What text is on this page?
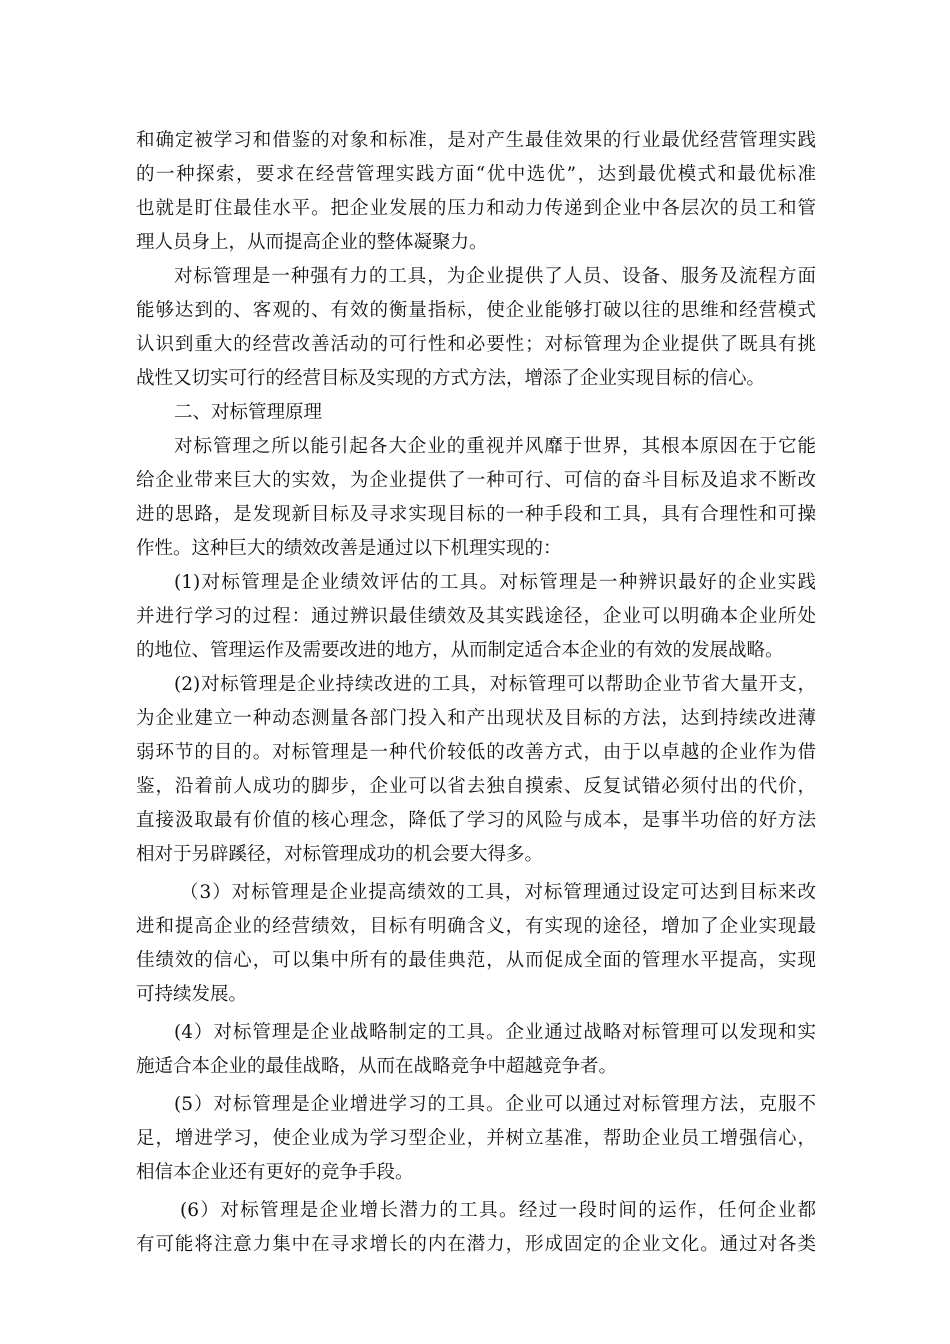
和确定被学习和借鉴的对象和标准，是对产生最佳效果的行业最优经营管理实践
的一种探索，要求在经营管理实践方面“优中选优”，达到最优模式和最优标准
也就是盯住最佳水平。把企业发展的压力和动力传递到企业中各层次的员工和管
理人员身上，从而提高企业的整体凝聚力。
对标管理是一种强有力的工具，为企业提供了人员、设备、服务及流程方面
能够达到的、客观的、有效的衡量指标，使企业能够打破以往的思维和经营模式
认识到重大的经营改善活动的可行性和必要性；对标管理为企业提供了既具有挑
战性又切实可行的经营目标及实现的方式方法，增添了企业实现目标的信心。
二、对标管理原理
对标管理之所以能引起各大企业的重视并风靡于世界，其根本原因在于它能
给企业带来巨大的实效，为企业提供了一种可行、可信的奋斗目标及追求不断改
进的思路，是发现新目标及寻求实现目标的一种手段和工具，具有合理性和可操
作性。这种巨大的绩效改善是通过以下机理实现的：
(1)对标管理是企业绩效评估的工具。对标管理是一种辨识最好的企业实践
并进行学习的过程：通过辨识最佳绩效及其实践途径，企业可以明确本企业所处
的地位、管理运作及需要改进的地方，从而制定适合本企业的有效的发展战略。
(2)对标管理是企业持续改进的工具，对标管理可以帮助企业节省大量开支，
为企业建立一种动态测量各部门投入和产出现状及目标的方法，达到持续改进薄
弱环节的目的。对标管理是一种代价较低的改善方式，由于以卓越的企业作为借
鉴，沿着前人成功的脚步，企业可以省去独自摸索、反复试错必须付出的代价，
直接汲取最有价值的核心理念，降低了学习的风险与成本，是事半功倍的好方法
相对于另辟蹊径，对标管理成功的机会要大得多。
（3）对标管理是企业提高绩效的工具，对标管理通过设定可达到目标来改
进和提高企业的经营绩效，目标有明确含义，有实现的途径，增加了企业实现最
佳绩效的信心，可以集中所有的最佳典范，从而促成全面的管理水平提高，实现
可持续发展。
(4）对标管理是企业战略制定的工具。企业通过战略对标管理可以发现和实
施适合本企业的最佳战略，从而在战略竞争中超越竞争者。
(5）对标管理是企业增进学习的工具。企业可以通过对标管理方法，克服不
足，增进学习，使企业成为学习型企业，并树立基准，帮助企业员工增强信心，
相信本企业还有更好的竞争手段。
(6）对标管理是企业增长潜力的工具。经过一段时间的运作，任何企业都
有可能将注意力集中在寻求增长的内在潜力，形成固定的企业文化。通过对各类
